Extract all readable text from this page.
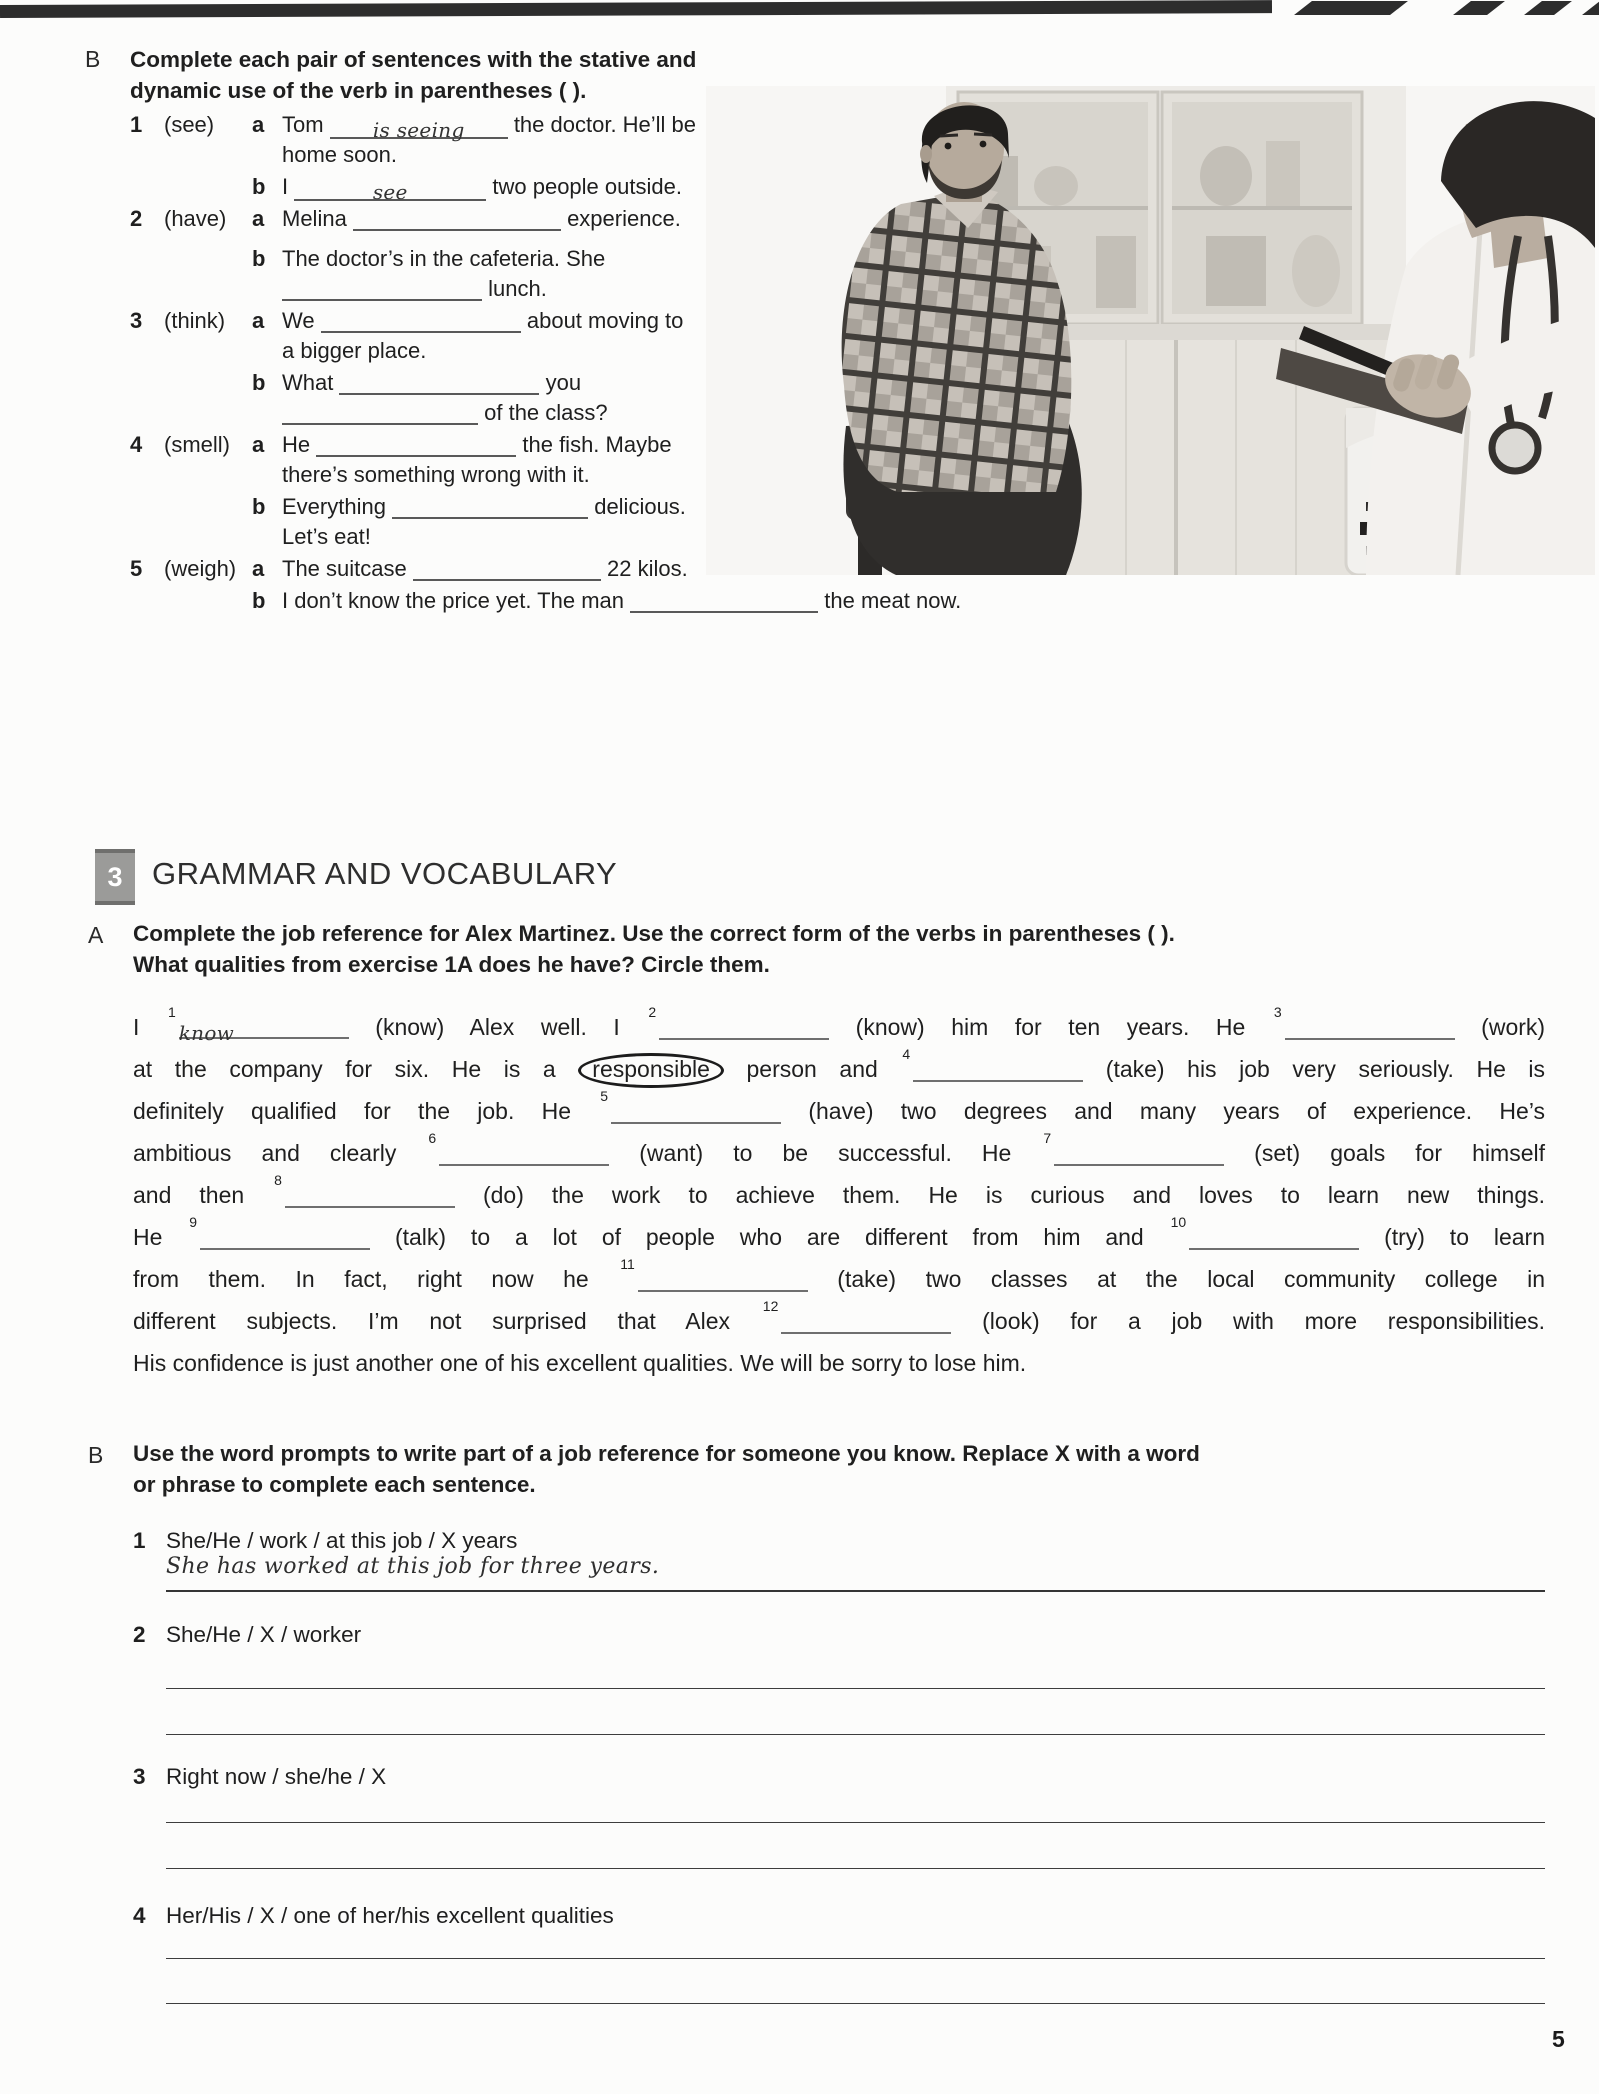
B Complete each pair of sentences with the stative and
dynamic use of the verb in parentheses ( ).
1 (see)	a Tom is seeing the doctor. He’ll be
home soon.
b I	see	two people outside.
2 (have)	a Melina	experience.
b The doctor’s in the cafeteria. She
lunch.
3 (think)	a We	about moving to
a bigger place.
b What	you
of the class?
4 (smell)	a He	the fish. Maybe
there’s something wrong with it.
b Everything	delicious.
Let’s eat!
5 (weigh) a The suitcase	22 kilos.
b I don’t know the price yet. The man	the meat now.
3 GRAMMAR AND VOCABULARY
A Complete the job reference for Alex Martinez. Use the correct form of the verbs in parentheses ( ).
What qualities from exercise 1A does he have? Circle them.
I $^1$know	(know) Alex well. I $^2$ (know) him for ten years. He $^3$ (work)
at the company for six. He is a responsible person and $^4$ (take) his job very seriously. He is
definitely qualified for the job. He $^5$ (have) two degrees and many years of experience. He’s
ambitious and clearly $^6$ (want) to be successful. He $^7$ (set) goals for himself
and then $^8$ (do) the work to achieve them. He is curious and loves to learn new things.
He $^9$ (talk) to a lot of people who are different from him and $^{10}$ (try) to learn
from them. In fact, right now he $^{11}$ (take) two classes at the local community college in
different subjects. I’m not surprised that Alex $^{12}$ (look) for a job with more responsibilities.
His confidence is just another one of his excellent qualities. We will be sorry to lose him.
B Use the word prompts to write part of a job reference for someone you know. Replace X with a word
or phrase to complete each sentence.
1 She/He / work / at this job / X years
She has worked at this job for three years.
2 She/He / X / worker
3 Right now / she/he / X
4 Her/His / X / one of her/his excellent qualities
5
